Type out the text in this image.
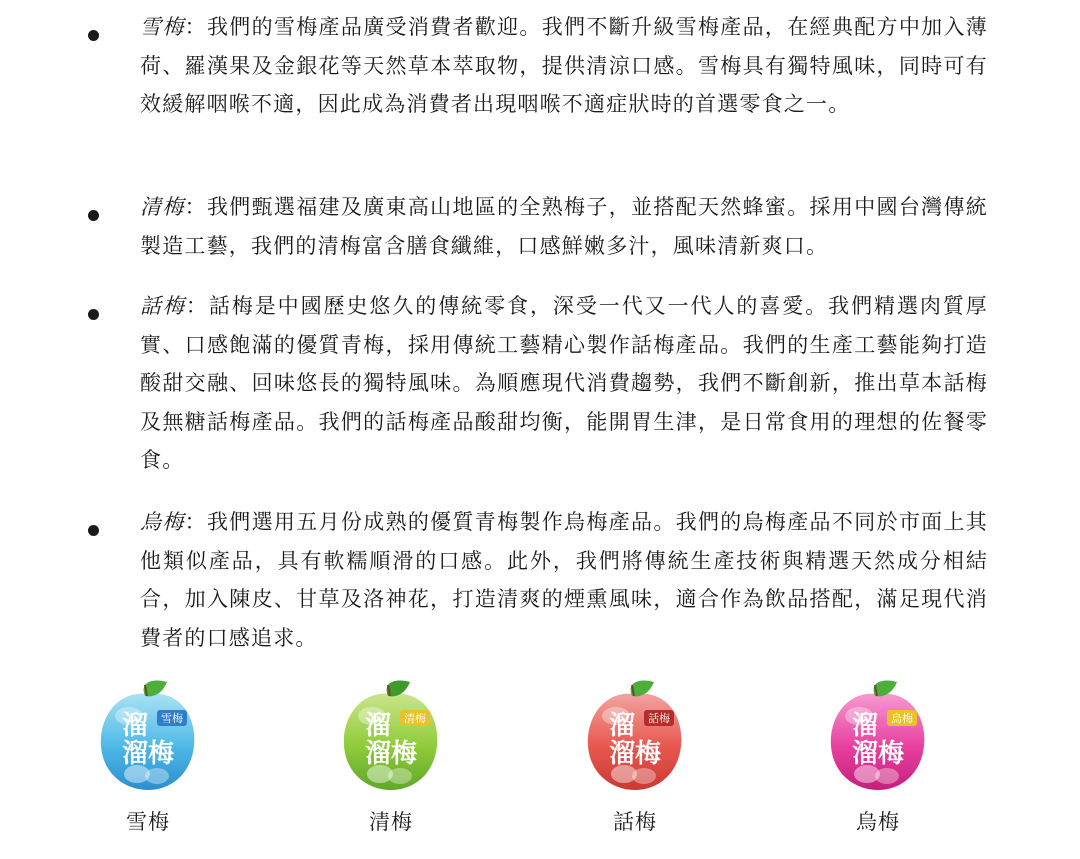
雪梅：我們的雪梅產品廣受消費者歡迎。我們不斷升級雪梅產品，在經典配方中加入薄荷、羅漢果及金銀花等天然草本萃取物，提供清涼口感。雪梅具有獨特風味，同時可有效緩解咽喉不適，因此成為消費者出現咽喉不適症狀時的首選零食之一。

清梅：我們甄選福建及廣東高山地區的全熟梅子，並搭配天然蜂蜜。採用中國台灣傳統製造工藝，我們的清梅富含膳食纖維，口感鮮嫩多汁，風味清新爽口。

話梅：話梅是中國歷史悠久的傳統零食，深受一代又一代人的喜愛。我們精選肉質厚實、口感飽滿的優質青梅，採用傳統工藝精心製作話梅產品。我們的生產工藝能夠打造酸甜交融、回味悠長的獨特風味。為順應現代消費趨勢，我們不斷創新，推出草本話梅及無糖話梅產品。我們的話梅產品酸甜均衡，能開胃生津，是日常食用的理想的佐餐零食。

烏梅：我們選用五月份成熟的優質青梅製作烏梅產品。我們的烏梅產品不同於市面上其他類似產品，具有軟糯順滑的口感。此外，我們將傳統生產技術與精選天然成分相結合，加入陳皮、甘草及洛神花，打造清爽的煙熏風味，適合作為飲品搭配，滿足現代消費者的口感追求。

溜
溜梅
雪梅
雪梅
溜
溜梅
清梅
清梅
溜
溜梅
話梅
話梅
溜
溜梅
烏梅
烏梅
